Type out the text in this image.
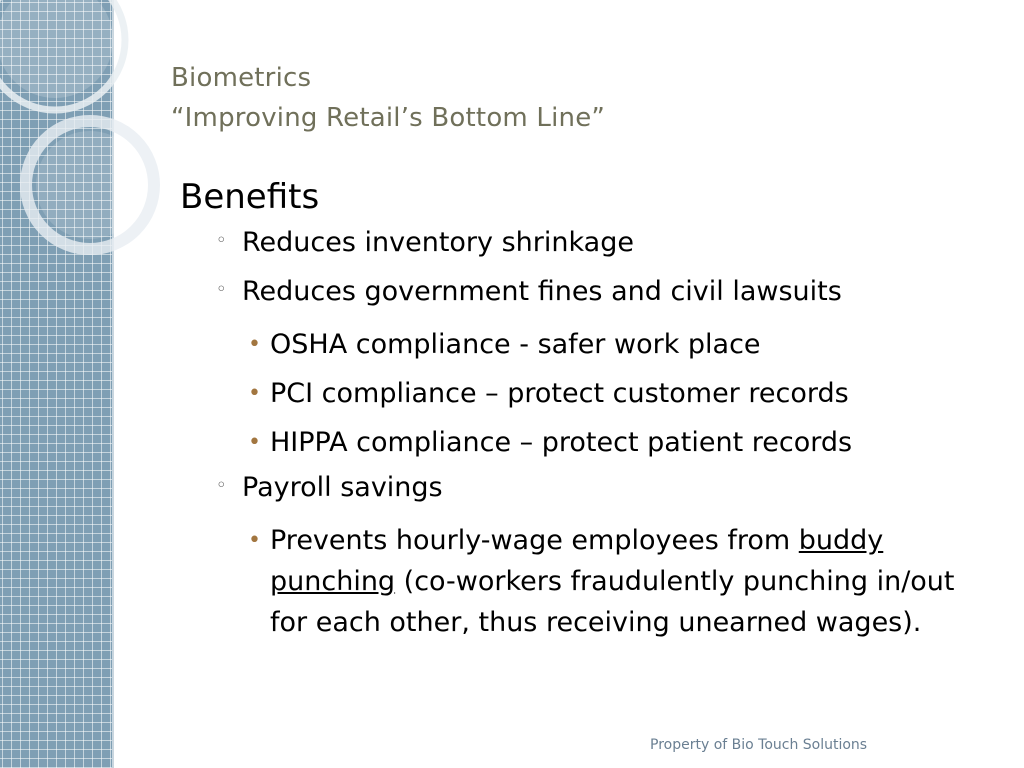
Biometrics
“Improving Retail’s Bottom Line”
Benefits
◦ Reduces inventory shrinkage
◦ Reduces government fines and civil lawsuits
• OSHA compliance - safer work place
• PCI compliance – protect customer records
• HIPPA compliance – protect patient records
◦ Payroll savings
• Prevents hourly-wage employees from buddy punching (co-workers fraudulently punching in/out for each other, thus receiving unearned wages).
Property of Bio Touch Solutions
